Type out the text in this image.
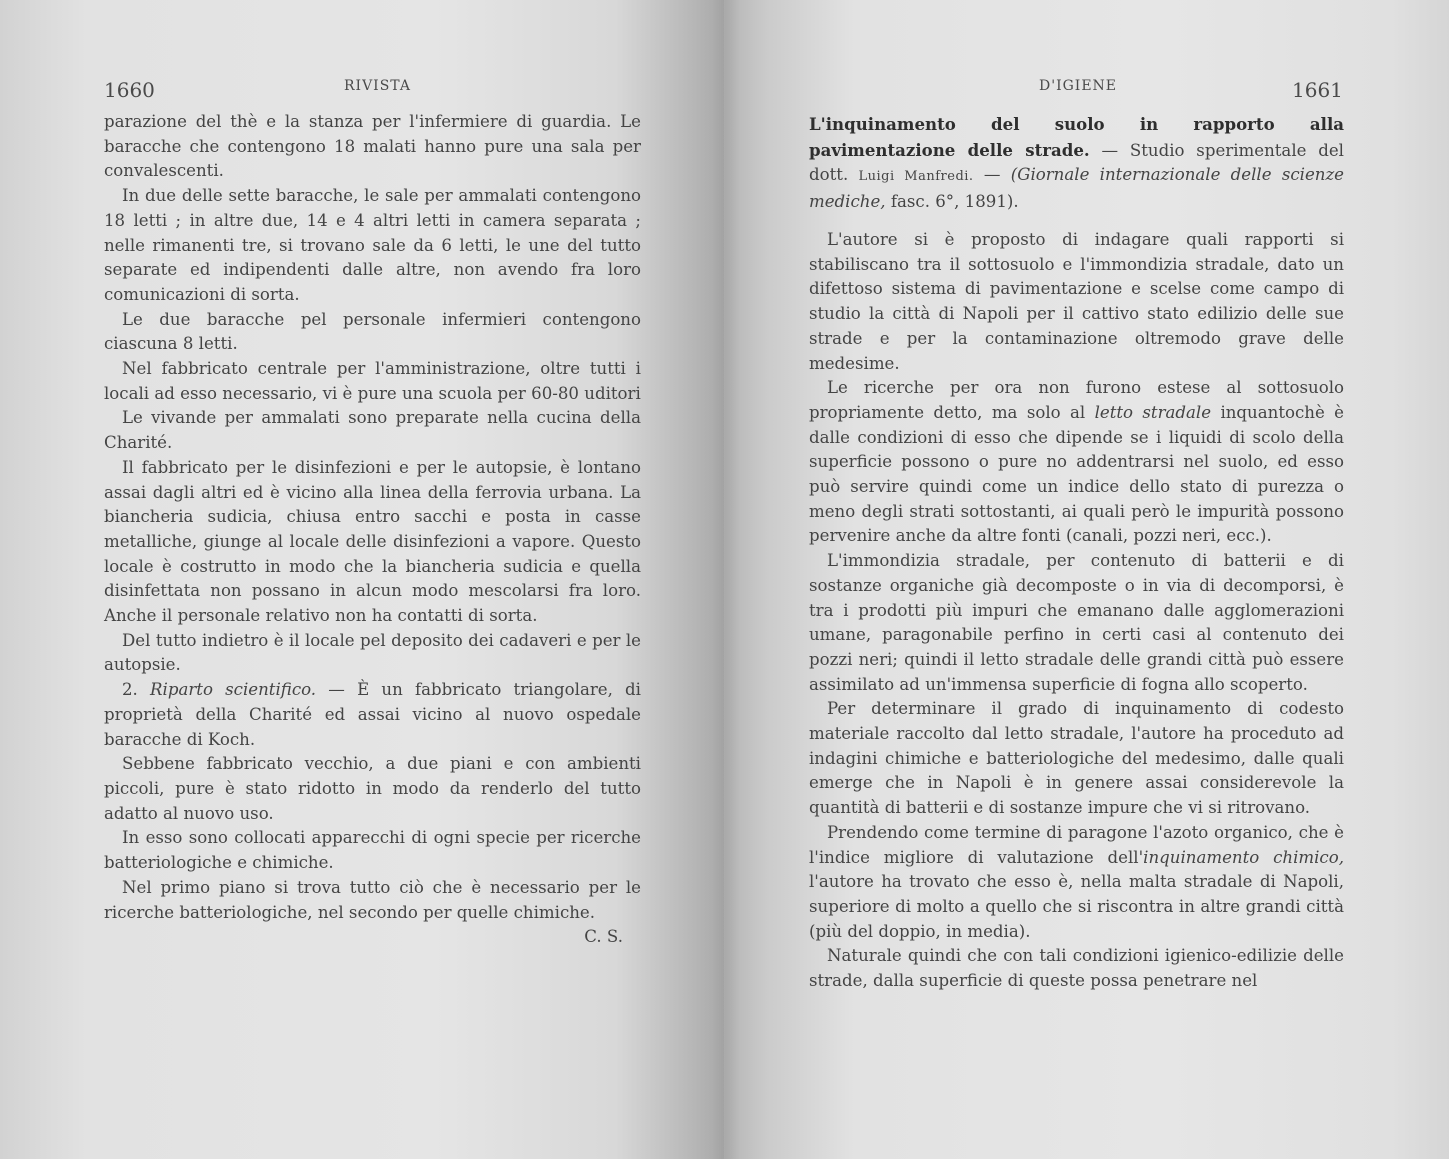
1660	RIVISTA

parazione del thè e la stanza per l'infermiere di guardia. Le baracche che contengono 18 malati hanno pure una sala per convalescenti.

In due delle sette baracche, le sale per ammalati contengono 18 letti ; in altre due, 14 e 4 altri letti in camera separata ; nelle rimanenti tre, si trovano sale da 6 letti, le une del tutto separate ed indipendenti dalle altre, non avendo fra loro comunicazioni di sorta.

Le due baracche pel personale infermieri contengono ciascuna 8 letti.

Nel fabbricato centrale per l'amministrazione, oltre tutti i locali ad esso necessario, vi è pure una scuola per 60-80 uditori

Le vivande per ammalati sono preparate nella cucina della Charité.

Il fabbricato per le disinfezioni e per le autopsie, è lontano assai dagli altri ed è vicino alla linea della ferrovia urbana. La biancheria sudicia, chiusa entro sacchi e posta in casse metalliche, giunge al locale delle disinfezioni a vapore. Questo locale è costrutto in modo che la biancheria sudicia e quella disinfettata non possano in alcun modo mescolarsi fra loro. Anche il personale relativo non ha contatti di sorta.

Del tutto indietro è il locale pel deposito dei cadaveri e per le autopsie.

2. Riparto scientifico. — È un fabbricato triangolare, di proprietà della Charité ed assai vicino al nuovo ospedale baracche di Koch.

Sebbene fabbricato vecchio, a due piani e con ambienti piccoli, pure è stato ridotto in modo da renderlo del tutto adatto al nuovo uso.

In esso sono collocati apparecchi di ogni specie per ricerche batteriologiche e chimiche.

Nel primo piano si trova tutto ciò che è necessario per le ricerche batteriologiche, nel secondo per quelle chimiche.

C. S.

D'IGIENE	1661
L'inquinamento del suolo in rapporto alla pavimentazione delle strade. — Studio sperimentale del dott. Luigi Manfredi. — (Giornale internazionale delle scienze mediche, fasc. 6°, 1891).

L'autore si è proposto di indagare quali rapporti si stabiliscano tra il sottosuolo e l'immondizia stradale, dato un difettoso sistema di pavimentazione e scelse come campo di studio la città di Napoli per il cattivo stato edilizio delle sue strade e per la contaminazione oltremodo grave delle medesime.

Le ricerche per ora non furono estese al sottosuolo propriamente detto, ma solo al letto stradale inquantochè è dalle condizioni di esso che dipende se i liquidi di scolo della superficie possono o pure no addentrarsi nel suolo, ed esso può servire quindi come un indice dello stato di purezza o meno degli strati sottostanti, ai quali però le impurità possono pervenire anche da altre fonti (canali, pozzi neri, ecc.).

L'immondizia stradale, per contenuto di batterii e di sostanze organiche già decomposte o in via di decomporsi, è tra i prodotti più impuri che emanano dalle agglomerazioni umane, paragonabile perfino in certi casi al contenuto dei pozzi neri; quindi il letto stradale delle grandi città può essere assimilato ad un'immensa superficie di fogna allo scoperto.

Per determinare il grado di inquinamento di codesto materiale raccolto dal letto stradale, l'autore ha proceduto ad indagini chimiche e batteriologiche del medesimo, dalle quali emerge che in Napoli è in genere assai considerevole la quantità di batterii e di sostanze impure che vi si ritrovano.

Prendendo come termine di paragone l'azoto organico, che è l'indice migliore di valutazione dell'inquinamento chimico, l'autore ha trovato che esso è, nella malta stradale di Napoli, superiore di molto a quello che si riscontra in altre grandi città (più del doppio, in media).

Naturale quindi che con tali condizioni igienico-edilizie delle strade, dalla superficie di queste possa penetrare nel
